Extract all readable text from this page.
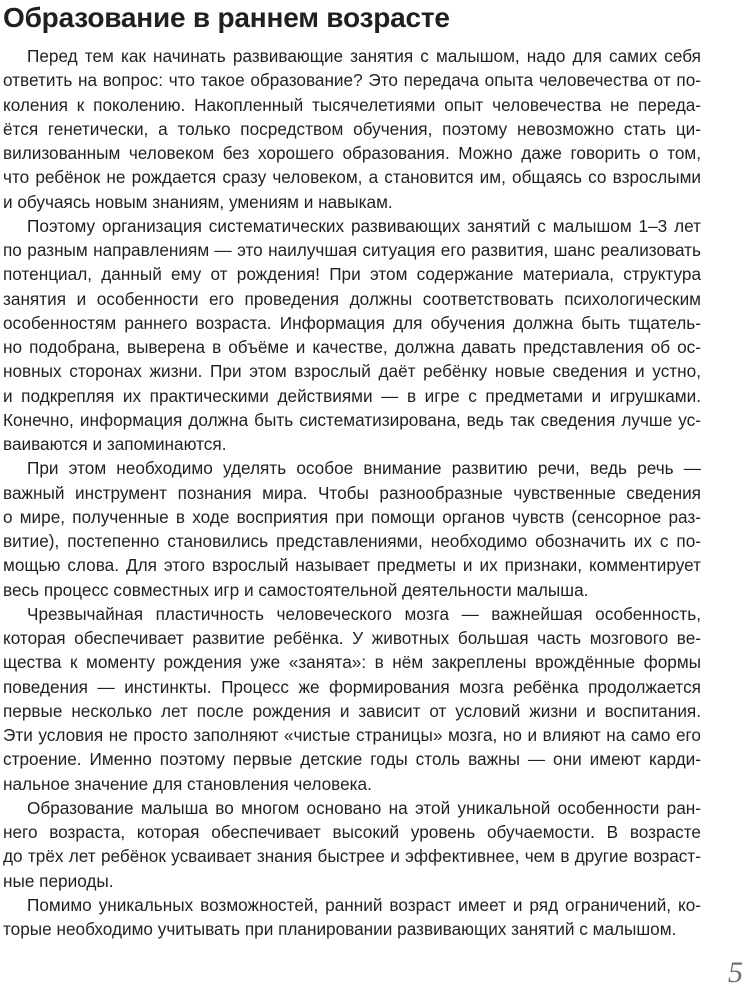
Образование в раннем возрасте

Перед тем как начинать развивающие занятия с малышом, надо для самих себя
ответить на вопрос: что такое образование? Это передача опыта человечества от по-
коления к поколению. Накопленный тысячелетиями опыт человечества не переда-
ётся генетически, а только посредством обучения, поэтому невозможно стать ци-
вилизованным человеком без хорошего образования. Можно даже говорить о том,
что ребёнок не рождается сразу человеком, а становится им, общаясь со взрослыми
и обучаясь новым знаниям, умениям и навыкам.

Поэтому организация систематических развивающих занятий с малышом 1–3 лет
по разным направлениям — это наилучшая ситуация его развития, шанс реализовать
потенциал, данный ему от рождения! При этом содержание материала, структура
занятия и особенности его проведения должны соответствовать психологическим
особенностям раннего возраста. Информация для обучения должна быть тщатель-
но подобрана, выверена в объёме и качестве, должна давать представления об ос-
новных сторонах жизни. При этом взрослый даёт ребёнку новые сведения и устно,
и подкрепляя их практическими действиями — в игре с предметами и игрушками.
Конечно, информация должна быть систематизирована, ведь так сведения лучше ус-
ваиваются и запоминаются.

При этом необходимо уделять особое внимание развитию речи, ведь речь —
важный инструмент познания мира. Чтобы разнообразные чувственные сведения
о мире, полученные в ходе восприятия при помощи органов чувств (сенсорное раз-
витие), постепенно становились представлениями, необходимо обозначить их с по-
мощью слова. Для этого взрослый называет предметы и их признаки, комментирует
весь процесс совместных игр и самостоятельной деятельности малыша.

Чрезвычайная пластичность человеческого мозга — важнейшая особенность,
которая обеспечивает развитие ребёнка. У животных большая часть мозгового ве-
щества к моменту рождения уже «занята»: в нём закреплены врождённые формы
поведения — инстинкты. Процесс же формирования мозга ребёнка продолжается
первые несколько лет после рождения и зависит от условий жизни и воспитания.
Эти условия не просто заполняют «чистые страницы» мозга, но и влияют на само его
строение. Именно поэтому первые детские годы столь важны — они имеют карди-
нальное значение для становления человека.

Образование малыша во многом основано на этой уникальной особенности ран-
него возраста, которая обеспечивает высокий уровень обучаемости. В возрасте
до трёх лет ребёнок усваивает знания быстрее и эффективнее, чем в другие возраст-
ные периоды.

Помимо уникальных возможностей, ранний возраст имеет и ряд ограничений, ко-
торые необходимо учитывать при планировании развивающих занятий с малышом.

5
